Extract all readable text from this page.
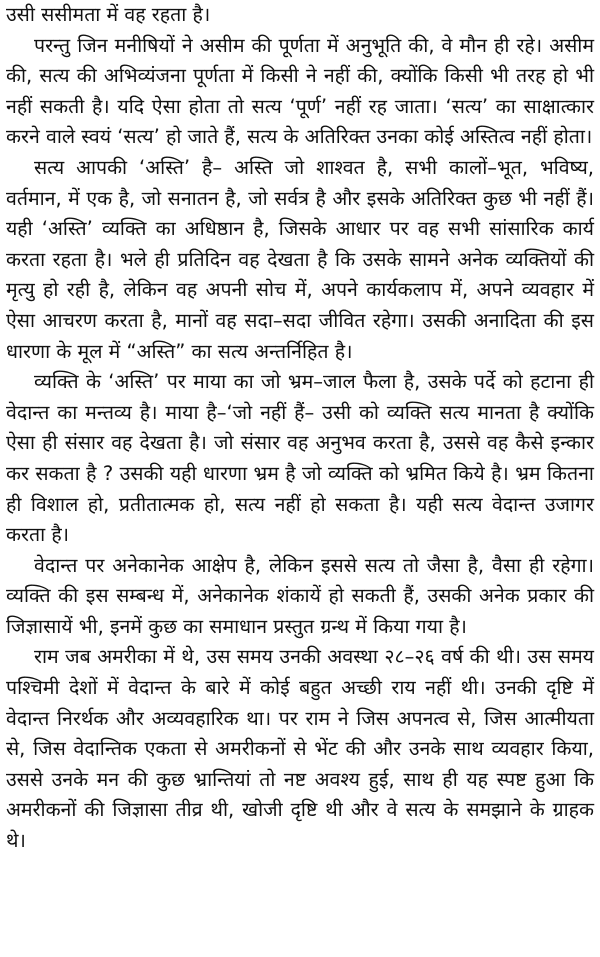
उसी ससीमता में वह रहता है।

परन्तु जिन मनीषियों ने असीम की पूर्णता में अनुभूति की, वे मौन ही रहे। असीम की, सत्य की अभिव्यंजना पूर्णता में किसी ने नहीं की, क्योंकि किसी भी तरह हो भी नहीं सकती है। यदि ऐसा होता तो सत्य ‘पूर्ण’ नहीं रह जाता। ‘सत्य’ का साक्षात्कार करने वाले स्वयं ‘सत्य’ हो जाते हैं, सत्य के अतिरिक्त उनका कोई अस्तित्व नहीं होता।

सत्य आपकी ‘अस्ति’ है– अस्ति जो शाश्वत है, सभी कालों–भूत, भविष्य, वर्तमान, में एक है, जो सनातन है, जो सर्वत्र है और इसके अतिरिक्त कुछ भी नहीं हैं। यही ‘अस्ति’ व्यक्ति का अधिष्ठान है, जिसके आधार पर वह सभी सांसारिक कार्य करता रहता है। भले ही प्रतिदिन वह देखता है कि उसके सामने अनेक व्यक्तियों की मृत्यु हो रही है, लेकिन वह अपनी सोच में, अपने कार्यकलाप में, अपने व्यवहार में ऐसा आचरण करता है, मानों वह सदा–सदा जीवित रहेगा। उसकी अनादिता की इस धारणा के मूल में “अस्ति” का सत्य अन्तर्निहित है।

व्यक्ति के ‘अस्ति’ पर माया का जो भ्रम–जाल फैला है, उसके पर्दे को हटाना ही वेदान्त का मन्तव्य है। माया है–‘जो नहीं हैं– उसी को व्यक्ति सत्य मानता है क्योंकि ऐसा ही संसार वह देखता है। जो संसार वह अनुभव करता है, उससे वह कैसे इन्कार कर सकता है ? उसकी यही धारणा भ्रम है जो व्यक्ति को भ्रमित किये है। भ्रम कितना ही विशाल हो, प्रतीतात्मक हो, सत्य नहीं हो सकता है। यही सत्य वेदान्त उजागर करता है।

वेदान्त पर अनेकानेक आक्षेप है, लेकिन इससे सत्य तो जैसा है, वैसा ही रहेगा। व्यक्ति की इस सम्बन्ध में, अनेकानेक शंकायें हो सकती हैं, उसकी अनेक प्रकार की जिज्ञासायें भी, इनमें कुछ का समाधान प्रस्तुत ग्रन्थ में किया गया है।

राम जब अमरीका में थे, उस समय उनकी अवस्था २८–२६ वर्ष की थी। उस समय पश्चिमी देशों में वेदान्त के बारे में कोई बहुत अच्छी राय नहीं थी। उनकी दृष्टि में वेदान्त निरर्थक और अव्यवहारिक था। पर राम ने जिस अपनत्व से, जिस आत्मीयता से, जिस वेदान्तिक एकता से अमरीकनों से भेंट की और उनके साथ व्यवहार किया, उससे उनके मन की कुछ भ्रान्तियां तो नष्ट अवश्य हुई, साथ ही यह स्पष्ट हुआ कि अमरीकनों की जिज्ञासा तीव्र थी, खोजी दृष्टि थी और वे सत्य के समझाने के ग्राहक थे।
